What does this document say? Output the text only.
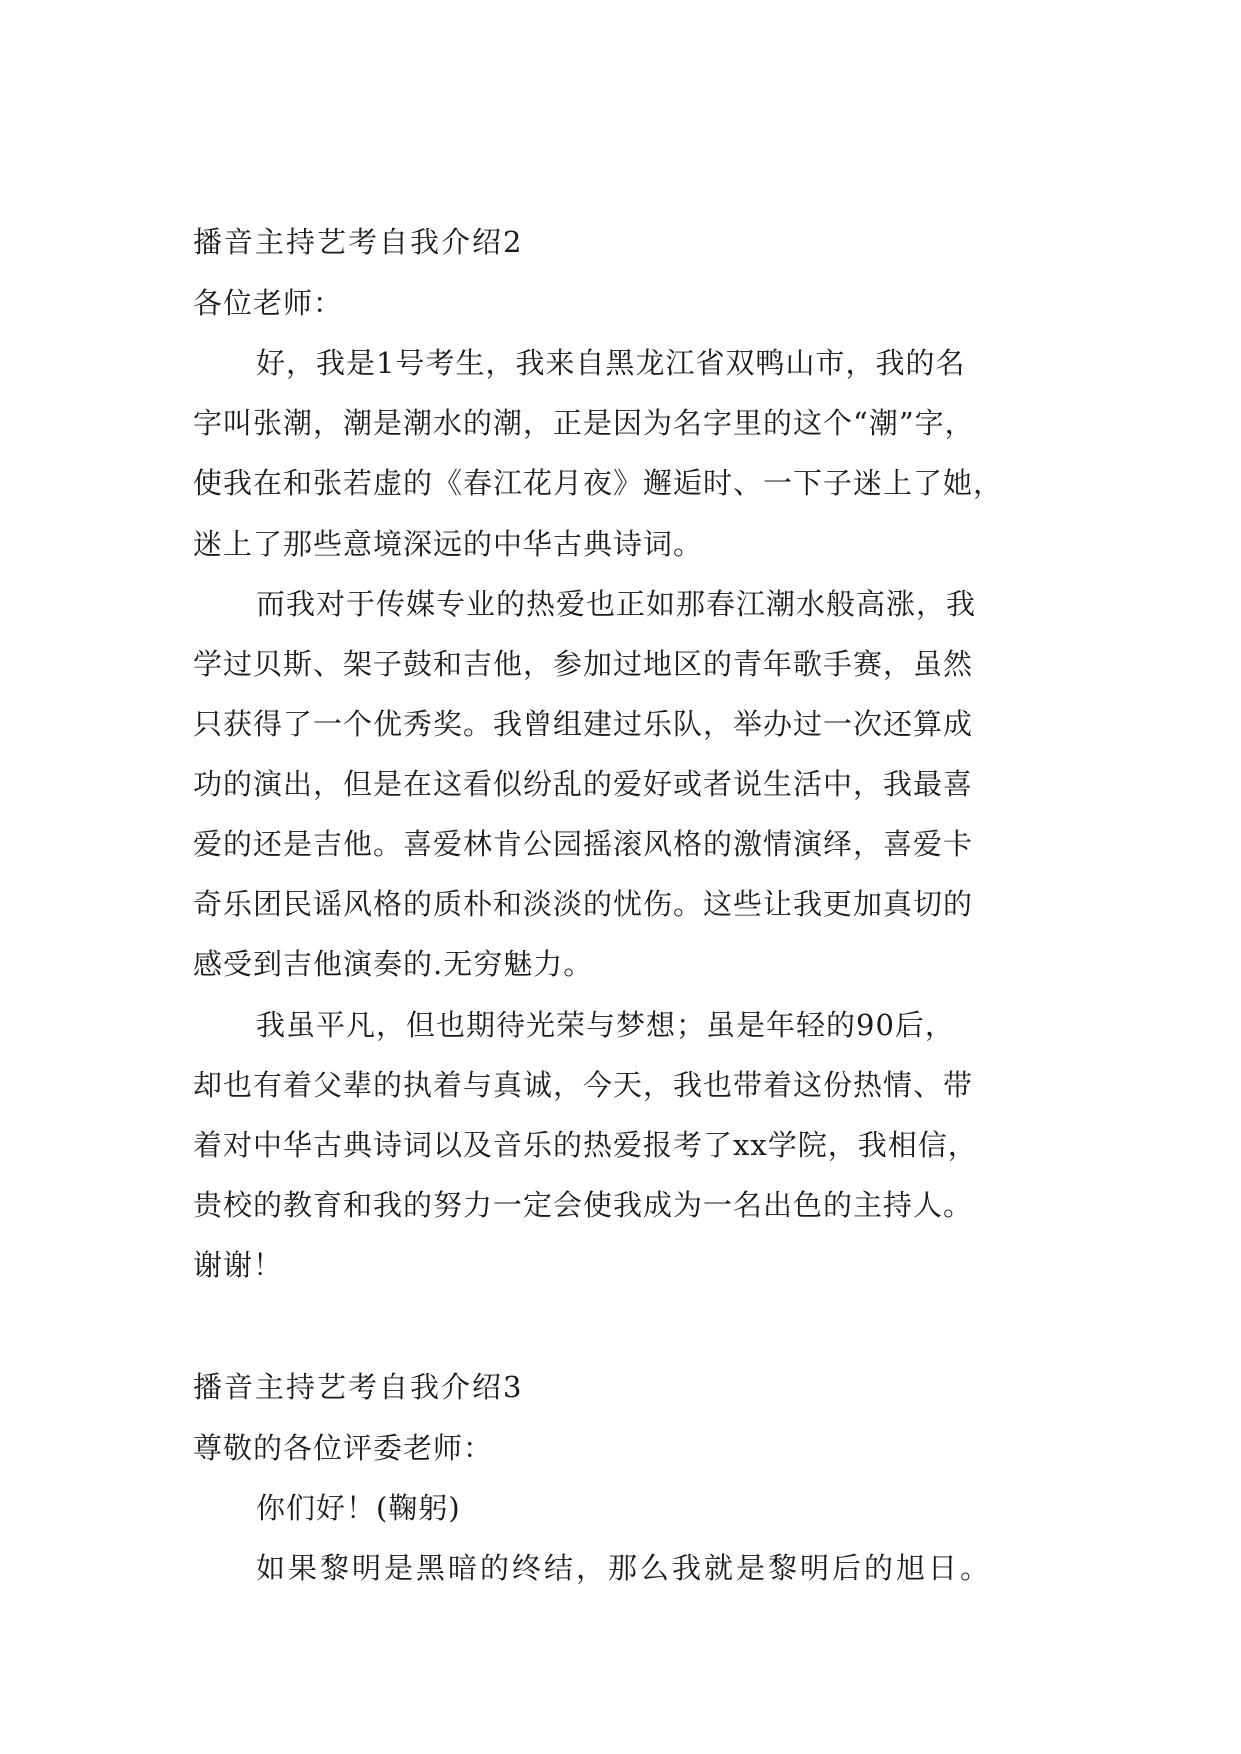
播音主持艺考自我介绍2
各位老师：
好，我是1号考生，我来自黑龙江省双鸭山市，我的名
字叫张潮，潮是潮水的潮，正是因为名字里的这个“潮”字，
使我在和张若虚的《春江花月夜》邂逅时、一下子迷上了她，
迷上了那些意境深远的中华古典诗词。
而我对于传媒专业的热爱也正如那春江潮水般高涨，我
学过贝斯、架子鼓和吉他，参加过地区的青年歌手赛，虽然
只获得了一个优秀奖。我曾组建过乐队，举办过一次还算成
功的演出，但是在这看似纷乱的爱好或者说生活中，我最喜
爱的还是吉他。喜爱林肯公园摇滚风格的激情演绎，喜爱卡
奇乐团民谣风格的质朴和淡淡的忧伤。这些让我更加真切的
感受到吉他演奏的.无穷魅力。
我虽平凡，但也期待光荣与梦想；虽是年轻的90后，
却也有着父辈的执着与真诚，今天，我也带着这份热情、带
着对中华古典诗词以及音乐的热爱报考了xx学院，我相信，
贵校的教育和我的努力一定会使我成为一名出色的主持人。
谢谢！
播音主持艺考自我介绍3
尊敬的各位评委老师：
你们好！(鞠躬)
如果黎明是黑暗的终结，那么我就是黎明后的旭日。
